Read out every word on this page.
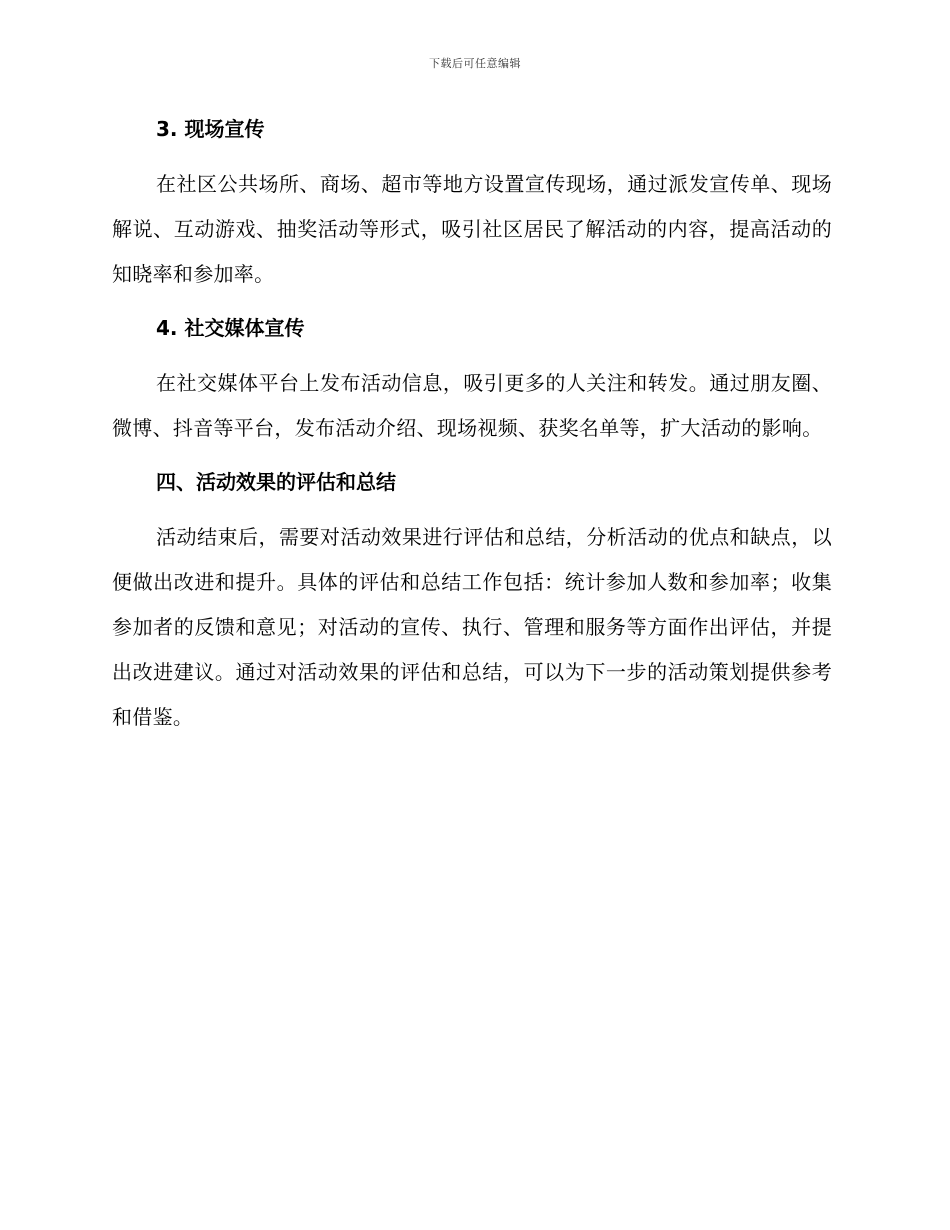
下载后可任意编辑
3. 现场宣传

在社区公共场所、商场、超市等地方设置宣传现场，通过派发宣传单、现场解说、互动游戏、抽奖活动等形式，吸引社区居民了解活动的内容，提高活动的知晓率和参加率。

4. 社交媒体宣传

在社交媒体平台上发布活动信息，吸引更多的人关注和转发。通过朋友圈、微博、抖音等平台，发布活动介绍、现场视频、获奖名单等，扩大活动的影响。

四、活动效果的评估和总结

活动结束后，需要对活动效果进行评估和总结，分析活动的优点和缺点，以便做出改进和提升。具体的评估和总结工作包括：统计参加人数和参加率；收集参加者的反馈和意见；对活动的宣传、执行、管理和服务等方面作出评估，并提出改进建议。通过对活动效果的评估和总结，可以为下一步的活动策划提供参考和借鉴。
